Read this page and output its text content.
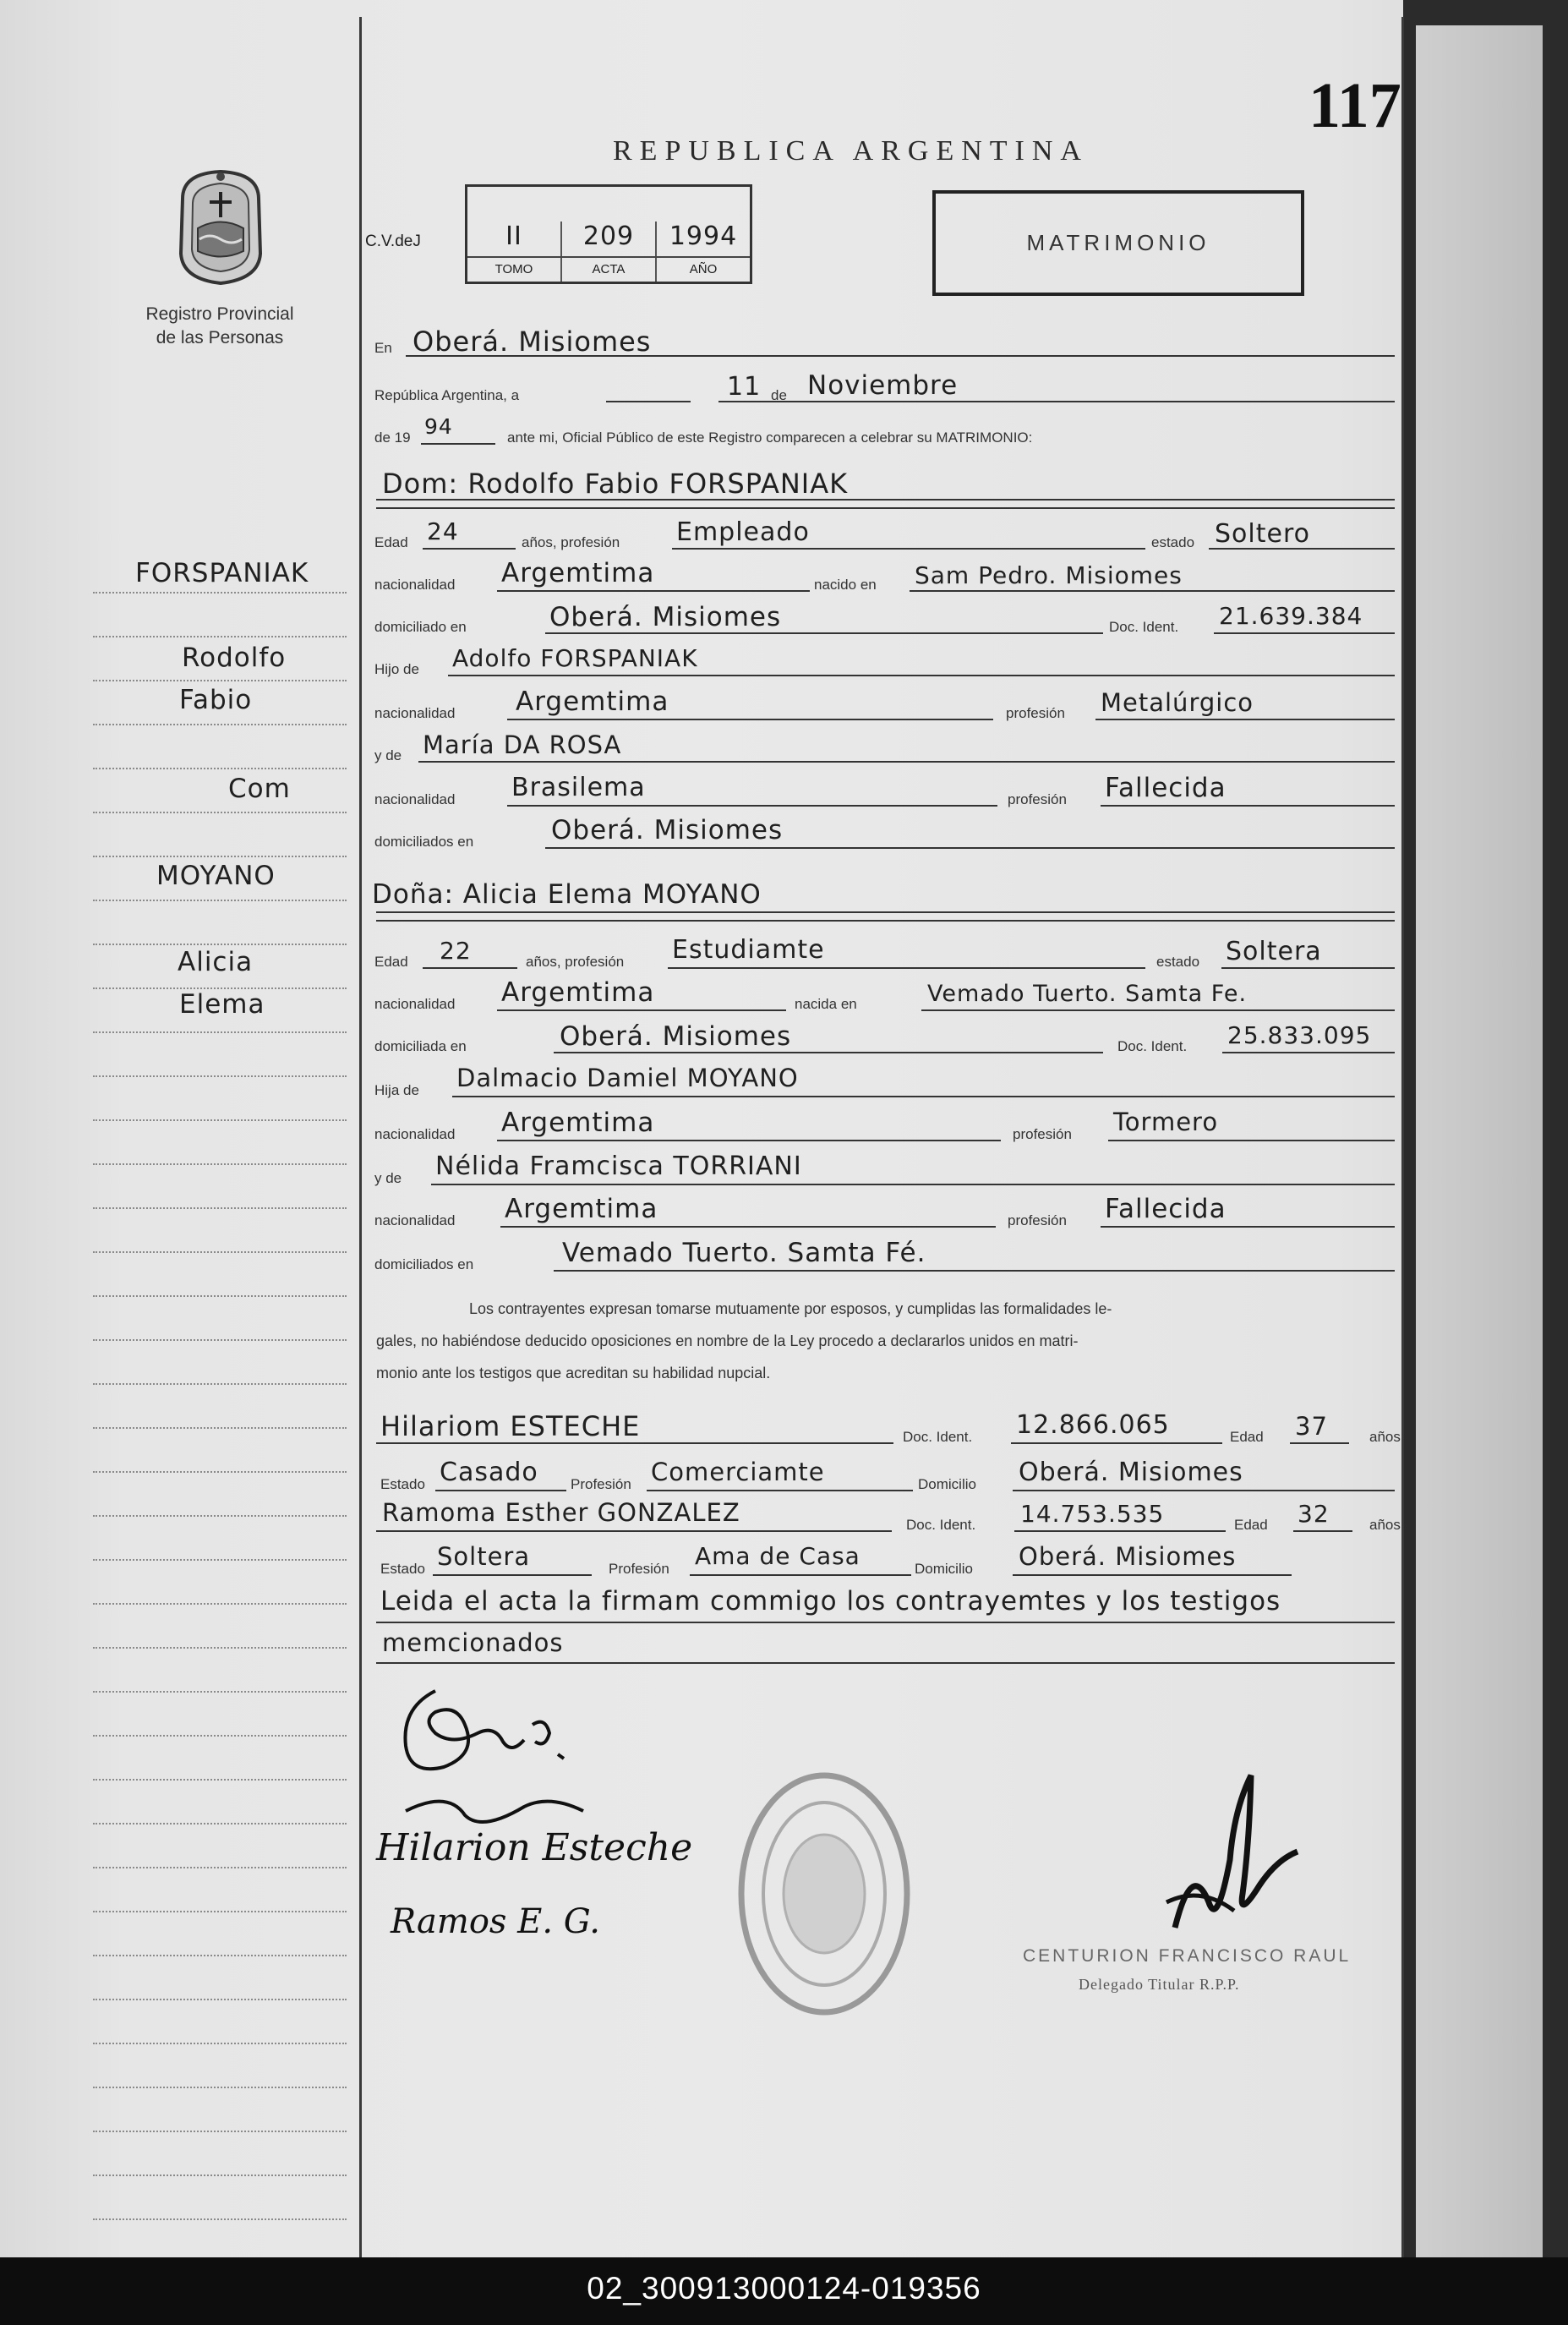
117
REPUBLICA ARGENTINA
Registro Provincial
de las Personas
C.V.deJ	II	209	1994
TOMO	ACTA	AÑO
MATRIMONIO
FORSPANIAK
Rodolfo
Fabio
Com
MOYANO
Alicia
Elema
En Oberá. Misiomes
República Argentina, a	11 de Noviembre
de 19 94	ante mi, Oficial Público de este Registro comparecen a celebrar su MATRIMONIO:
Dom: Rodolfo Fabio FORSPANIAK
Edad 24	años, profesión Empleado	estado Soltero
nacionalidad Argemtima	nacido en Sam Pedro. Misiomes
domiciliado en	Oberá. Misiomes	Doc. Ident. 21.639.384
Hijo de Adolfo FORSPANIAK
nacionalidad Argemtima	profesión Metalúrgico
y de María DA ROSA
nacionalidad Brasilema	profesión Fallecida
domiciliados en	Oberá. Misiomes
Doña: Alicia Elema MOYANO
Edad 22	años, profesión Estudiamte	estado Soltera
nacionalidad Argemtima	nacida en	Vemado Tuerto. Samta Fe.
domiciliada en	Oberá. Misiomes	Doc. Ident. 25.833.095
Hija de Dalmacio Damiel MOYANO
nacionalidad Argemtima	profesión Tormero
y de Nélida Framcisca TORRIANI
nacionalidad Argemtima	profesión Fallecida
domiciliados en	Vemado Tuerto. Samta Fé.
Los contrayentes expresan tomarse mutuamente por esposos, y cumplidas las formalidades le-
gales, no habiéndose deducido oposiciones en nombre de la Ley procedo a declararlos unidos en matri-
monio ante los testigos que acreditan su habilidad nupcial.
Hilariom ESTECHE	Doc. Ident. 12.866.065	Edad 37	años
Estado Casado Profesión Comerciamte	Domicilio Oberá. Misiomes
Ramoma Esther GONZALEZ	Doc. Ident. 14.753.535	Edad 32	años
Estado Soltera	Profesión Ama de Casa	Domicilio Oberá. Misiomes
Leida el acta la firmam commigo los contrayemtes y los testigos
memcionados
Hilarion Esteche
Ramos E. G.
CENTURION FRANCISCO RAUL
Delegado Titular R.P.P.
02_300913000124-019356
